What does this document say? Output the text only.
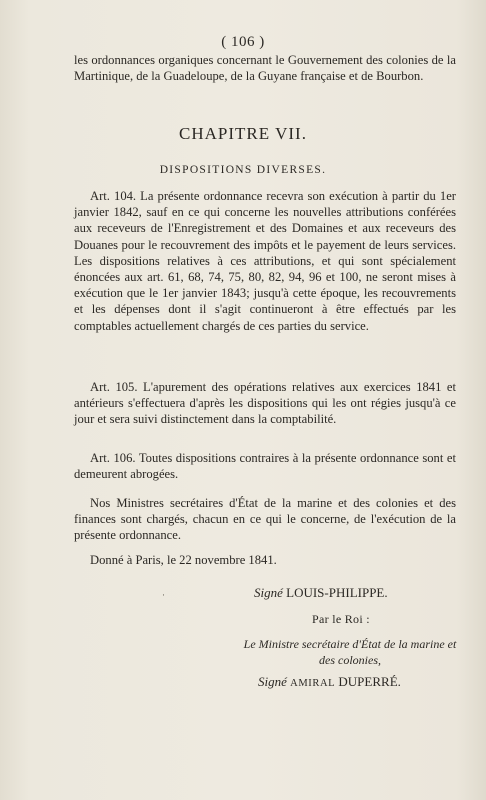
( 106 )

les ordonnances organiques concernant le Gouvernement des colonies de la Martinique, de la Guadeloupe, de la Guyane française et de Bourbon.

CHAPITRE VII.
DISPOSITIONS DIVERSES.

Art. 104. La présente ordonnance recevra son exécution à partir du 1er janvier 1842, sauf en ce qui concerne les nouvelles attributions conférées aux receveurs de l'Enregistrement et des Domaines et aux receveurs des Douanes pour le recouvrement des impôts et le payement de leurs services. Les dispositions relatives à ces attributions, et qui sont spécialement énoncées aux art. 61, 68, 74, 75, 80, 82, 94, 96 et 100, ne seront mises à exécution que le 1er janvier 1843; jusqu'à cette époque, les recouvrements et les dépenses dont il s'agit continueront à être effectués par les comptables actuellement chargés de ces parties du service.

Art. 105. L'apurement des opérations relatives aux exercices 1841 et antérieurs s'effectuera d'après les dispositions qui les ont régies jusqu'à ce jour et sera suivi distinctement dans la comptabilité.

Art. 106. Toutes dispositions contraires à la présente ordonnance sont et demeurent abrogées.

Nos Ministres secrétaires d'État de la marine et des colonies et des finances sont chargés, chacun en ce qui le concerne, de l'exécution de la présente ordonnance.

Donné à Paris, le 22 novembre 1841.
·	Signé LOUIS-PHILIPPE.
Par le Roi :
Le Ministre secrétaire d'État de la marine et des colonies,
Signé AMIRAL DUPERRÉ.
